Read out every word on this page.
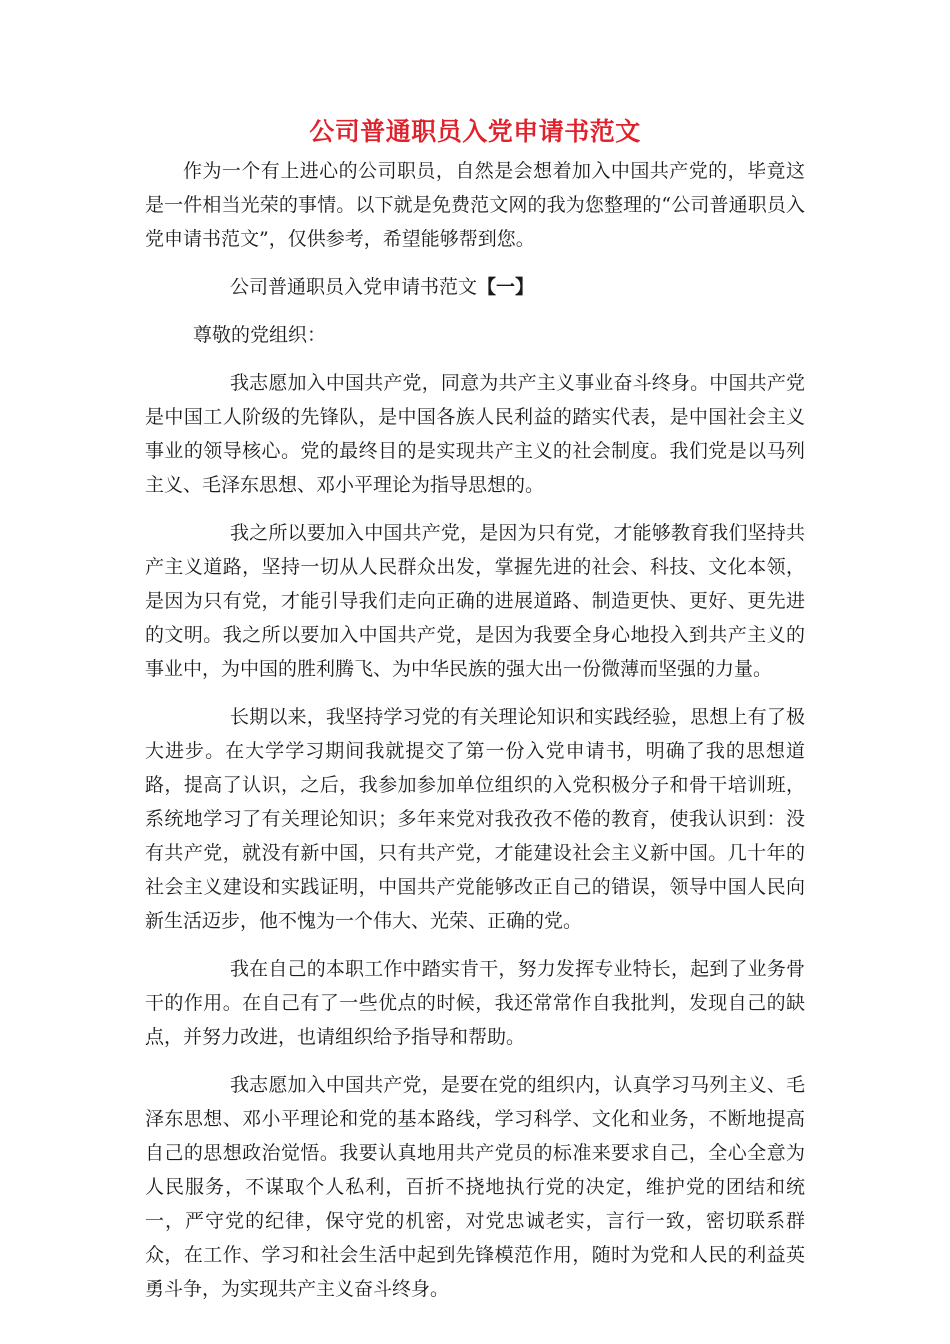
公司普通职员入党申请书范文

作为一个有上进心的公司职员，自然是会想着加入中国共产党的，毕竟这是一件相当光荣的事情。以下就是免费范文网的我为您整理的“公司普通职员入党申请书范文”，仅供参考，希望能够帮到您。

公司普通职员入党申请书范文【一】

尊敬的党组织：

我志愿加入中国共产党，同意为共产主义事业奋斗终身。中国共产党是中国工人阶级的先锋队，是中国各族人民利益的踏实代表，是中国社会主义事业的领导核心。党的最终目的是实现共产主义的社会制度。我们党是以马列主义、毛泽东思想、邓小平理论为指导思想的。

我之所以要加入中国共产党，是因为只有党，才能够教育我们坚持共产主义道路，坚持一切从人民群众出发，掌握先进的社会、科技、文化本领，是因为只有党，才能引导我们走向正确的进展道路、制造更快、更好、更先进的文明。我之所以要加入中国共产党，是因为我要全身心地投入到共产主义的事业中，为中国的胜利腾飞、为中华民族的强大出一份微薄而坚强的力量。

长期以来，我坚持学习党的有关理论知识和实践经验，思想上有了极大进步。在大学学习期间我就提交了第一份入党申请书，明确了我的思想道路，提高了认识，之后，我参加参加单位组织的入党积极分子和骨干培训班，系统地学习了有关理论知识；多年来党对我孜孜不倦的教育，使我认识到：没有共产党，就没有新中国，只有共产党，才能建设社会主义新中国。几十年的社会主义建设和实践证明，中国共产党能够改正自己的错误，领导中国人民向新生活迈步，他不愧为一个伟大、光荣、正确的党。

我在自己的本职工作中踏实肯干，努力发挥专业特长，起到了业务骨干的作用。在自己有了一些优点的时候，我还常常作自我批判，发现自己的缺点，并努力改进，也请组织给予指导和帮助。

我志愿加入中国共产党，是要在党的组织内，认真学习马列主义、毛泽东思想、邓小平理论和党的基本路线，学习科学、文化和业务，不断地提高自己的思想政治觉悟。我要认真地用共产党员的标准来要求自己，全心全意为人民服务，不谋取个人私利，百折不挠地执行党的决定，维护党的团结和统一，严守党的纪律，保守党的机密，对党忠诚老实，言行一致，密切联系群众，在工作、学习和社会生活中起到先锋模范作用，随时为党和人民的利益英勇斗争，为实现共产主义奋斗终身。
